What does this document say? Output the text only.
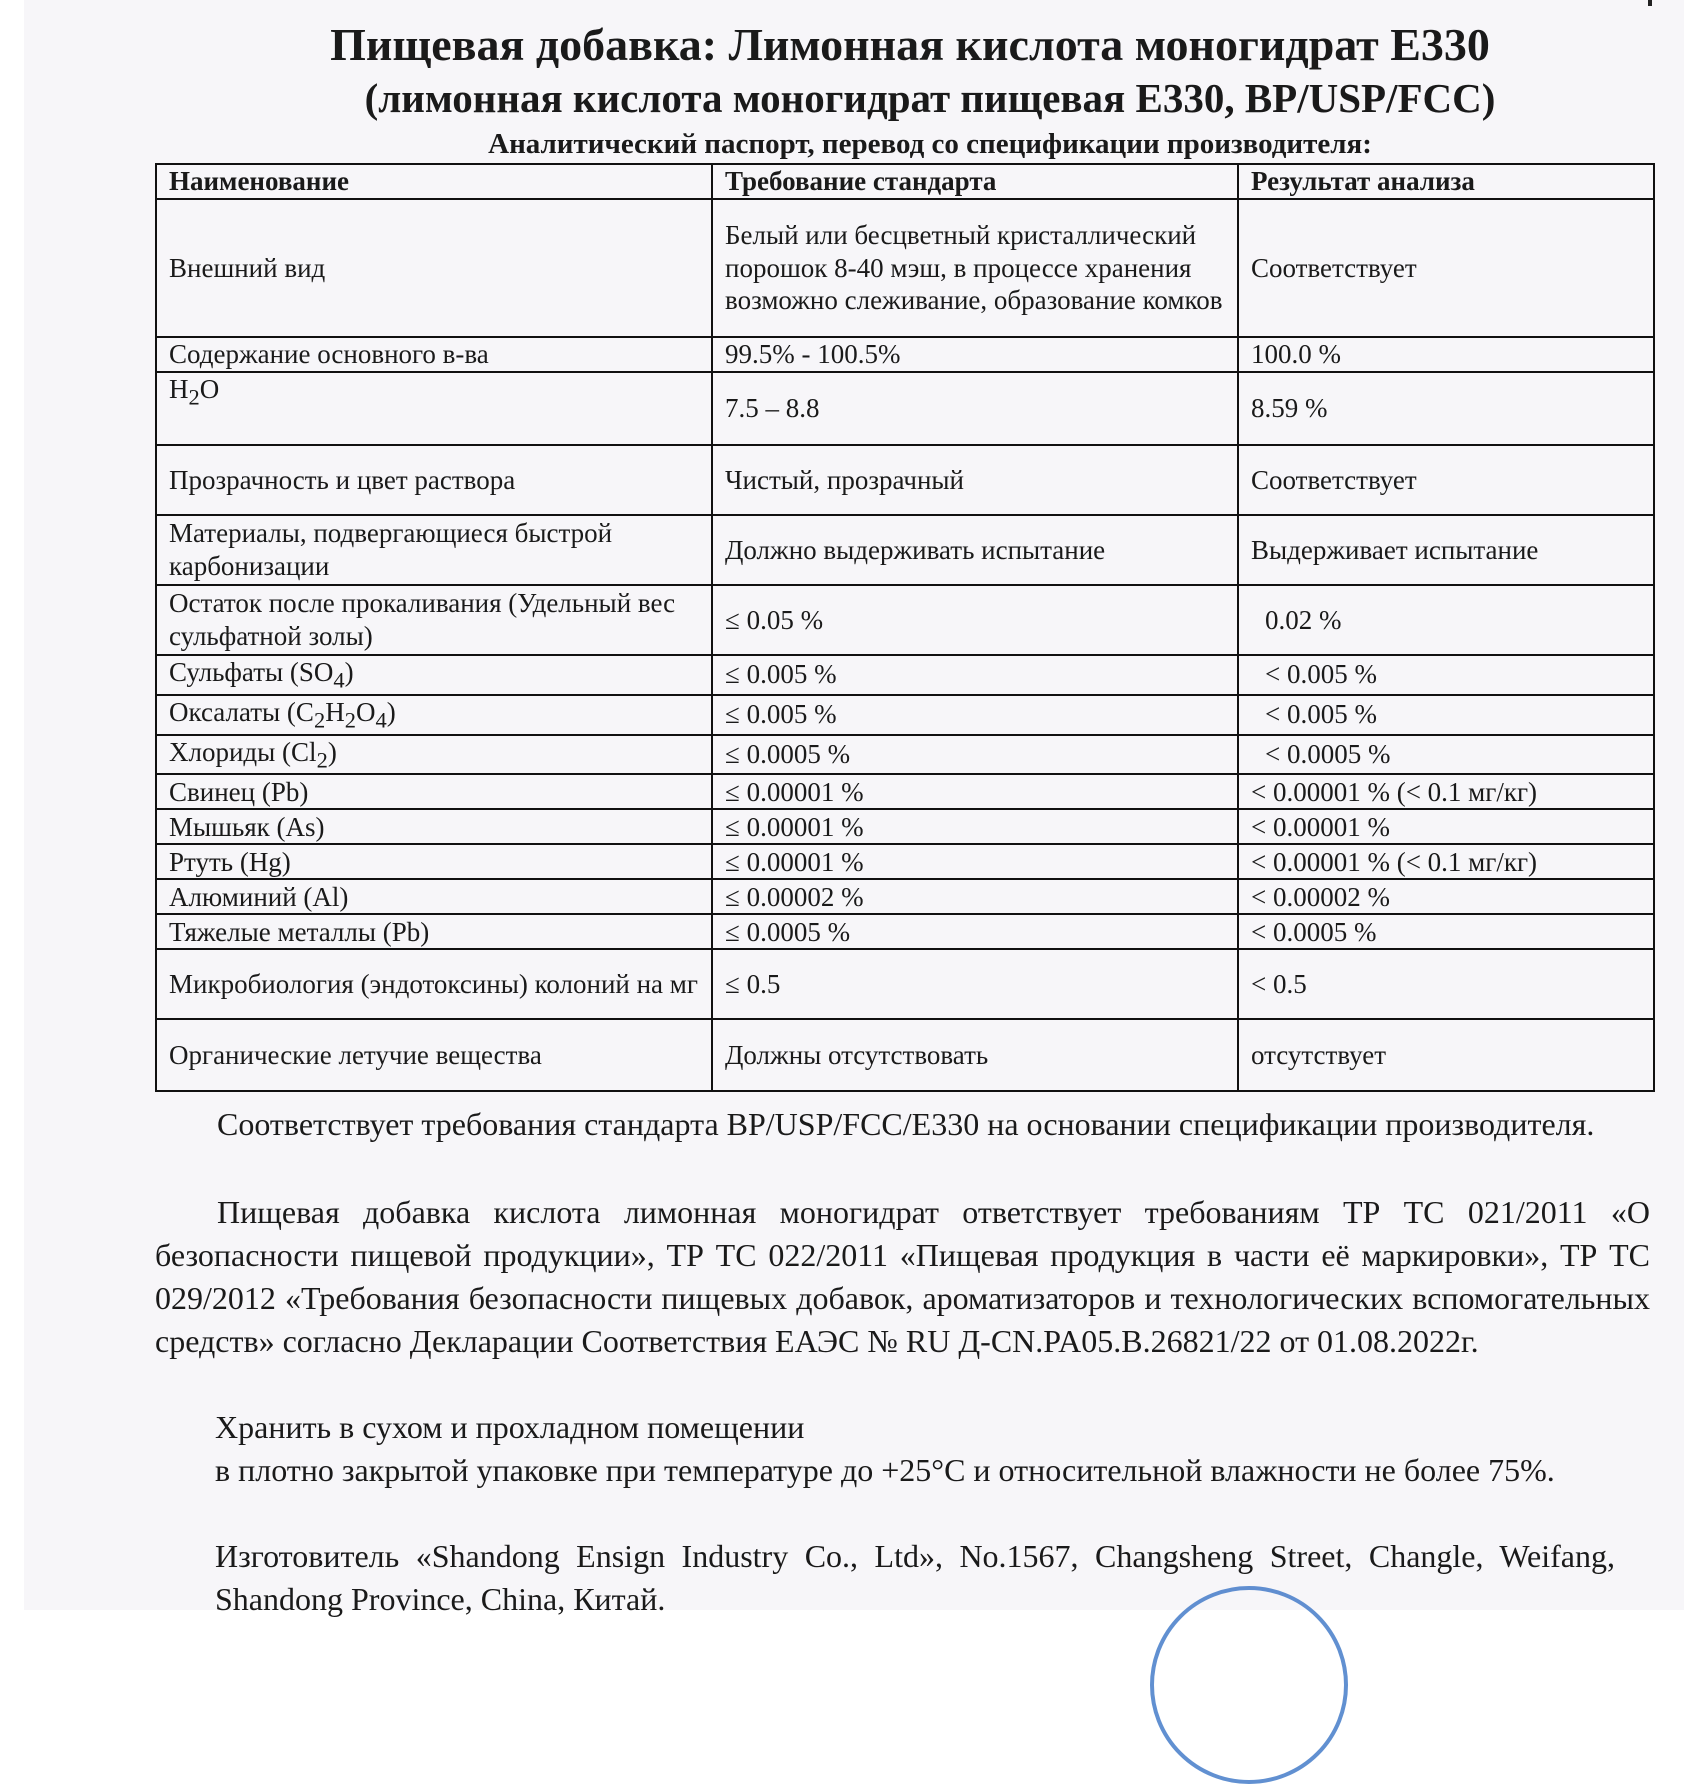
Пищевая добавка: Лимонная кислота моногидрат E330
(лимонная кислота моногидрат пищевая E330, BP/USP/FCC)
Аналитический паспорт, перевод со спецификации производителя:
Наименование	Требование стандарта	Результат анализа
Внешний вид	Белый или бесцветный кристаллический порошок 8-40 мэш, в процессе хранения возможно слеживание, образование комков	Соответствует
Содержание основного в-ва	99.5% - 100.5%	100.0 %
$H_2O$	7.5 – 8.8	8.59 %
Прозрачность и цвет раствора	Чистый, прозрачный	Соответствует
Материалы, подвергающиеся быстрой карбонизации	Должно выдерживать испытание	Выдерживает испытание
Остаток после прокаливания (Удельный вес сульфатной золы)	≤ 0.05 %	0.02 %
Сульфаты $(SO_4)$	≤ 0.005 %	< 0.005 %
Оксалаты $(C_2H_2O_4)$	≤ 0.005 %	< 0.005 %
Хлориды $(Cl_2)$	≤ 0.0005 %	< 0.0005 %
Свинец (Pb)	≤ 0.00001 %	< 0.00001 % (< 0.1 мг/кг)
Мышьяк (As)	≤ 0.00001 %	< 0.00001 %
Ртуть (Hg)	≤ 0.00001 %	< 0.00001 % (< 0.1 мг/кг)
Алюминий (Al)	≤ 0.00002 %	< 0.00002 %
Тяжелые металлы (Pb)	≤ 0.0005 %	< 0.0005 %
Микробиология (эндотоксины) колоний на мг	≤ 0.5	< 0.5
Органические летучие вещества	Должны отсутствовать	отсутствует
Соответствует требования стандарта BP/USP/FCC/E330 на основании спецификации производителя.
Пищевая добавка кислота лимонная моногидрат ответствует требованиям ТР ТС 021/2011 «О безопасности пищевой продукции», ТР ТС 022/2011 «Пищевая продукция в части её маркировки», ТР ТС 029/2012 «Требования безопасности пищевых добавок, ароматизаторов и технологических вспомогательных средств» согласно Декларации Соответствия ЕАЭС № RU Д-CN.PA05.B.26821/22 от 01.08.2022г.
Хранить в сухом и прохладном помещении
в плотно закрытой упаковке при температуре до +25°С и относительной влажности не более 75%.
Изготовитель «Shandong Ensign Industry Co., Ltd», No.1567, Changsheng Street, Changle, Weifang, Shandong Province, China, Китай.
